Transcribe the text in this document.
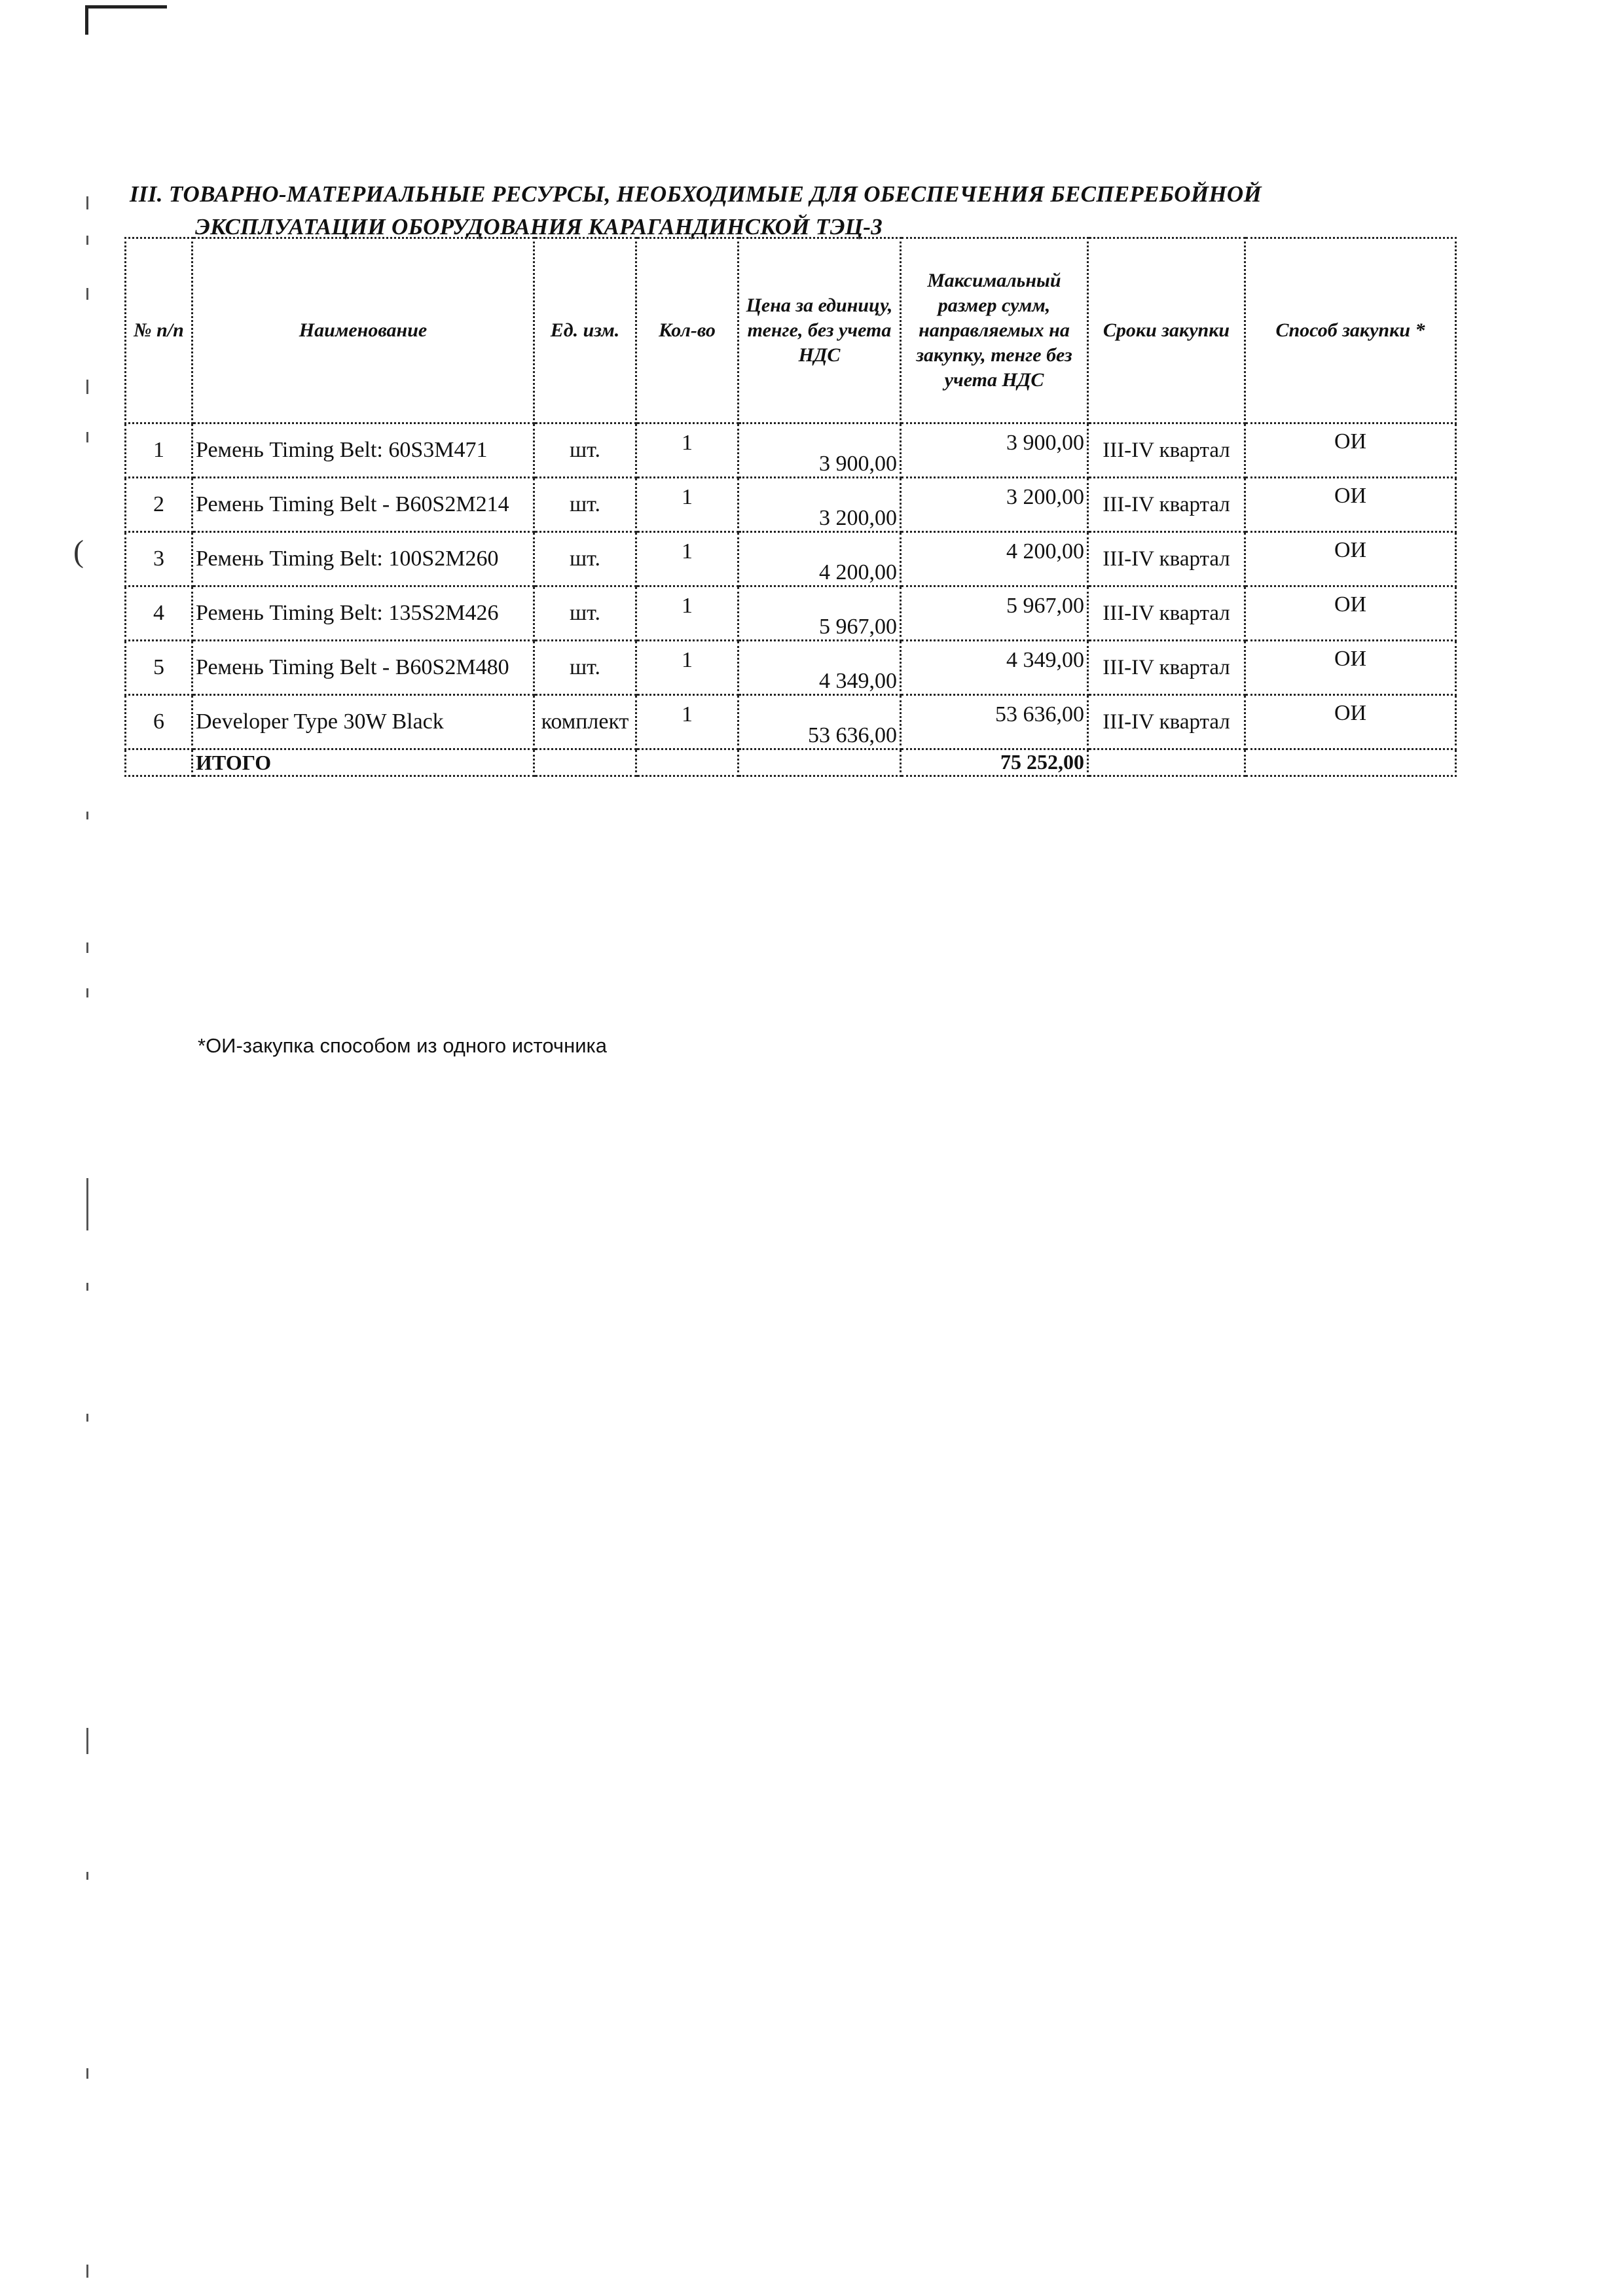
(
III. ТОВАРНО-МАТЕРИАЛЬНЫЕ РЕСУРСЫ, НЕОБХОДИМЫЕ ДЛЯ ОБЕСПЕЧЕНИЯ БЕСПЕРЕБОЙНОЙ
ЭКСПЛУАТАЦИИ ОБОРУДОВАНИЯ КАРАГАНДИНСКОЙ ТЭЦ-3
№ п/п	Наименование	Ед. изм.	Кол-во	Цена за единицу, тенге, без учета НДС	Максимальный размер сумм, направляемых на закупку, тенге без учета НДС	Сроки закупки	Способ закупки *
1	Ремень Timing Belt: 60S3M471	шт.	1	3 900,00	3 900,00	III-IV квартал	ОИ
2	Ремень Timing Belt - B60S2M214	шт.	1	3 200,00	3 200,00	III-IV квартал	ОИ
3	Ремень Timing Belt: 100S2M260	шт.	1	4 200,00	4 200,00	III-IV квартал	ОИ
4	Ремень Timing Belt: 135S2M426	шт.	1	5 967,00	5 967,00	III-IV квартал	ОИ
5	Ремень Timing Belt - B60S2M480	шт.	1	4 349,00	4 349,00	III-IV квартал	ОИ
6	Developer Type 30W Black	комплект	1	53 636,00	53 636,00	III-IV квартал	ОИ
	ИТОГО				75 252,00		
*ОИ-закупка способом из одного источника
